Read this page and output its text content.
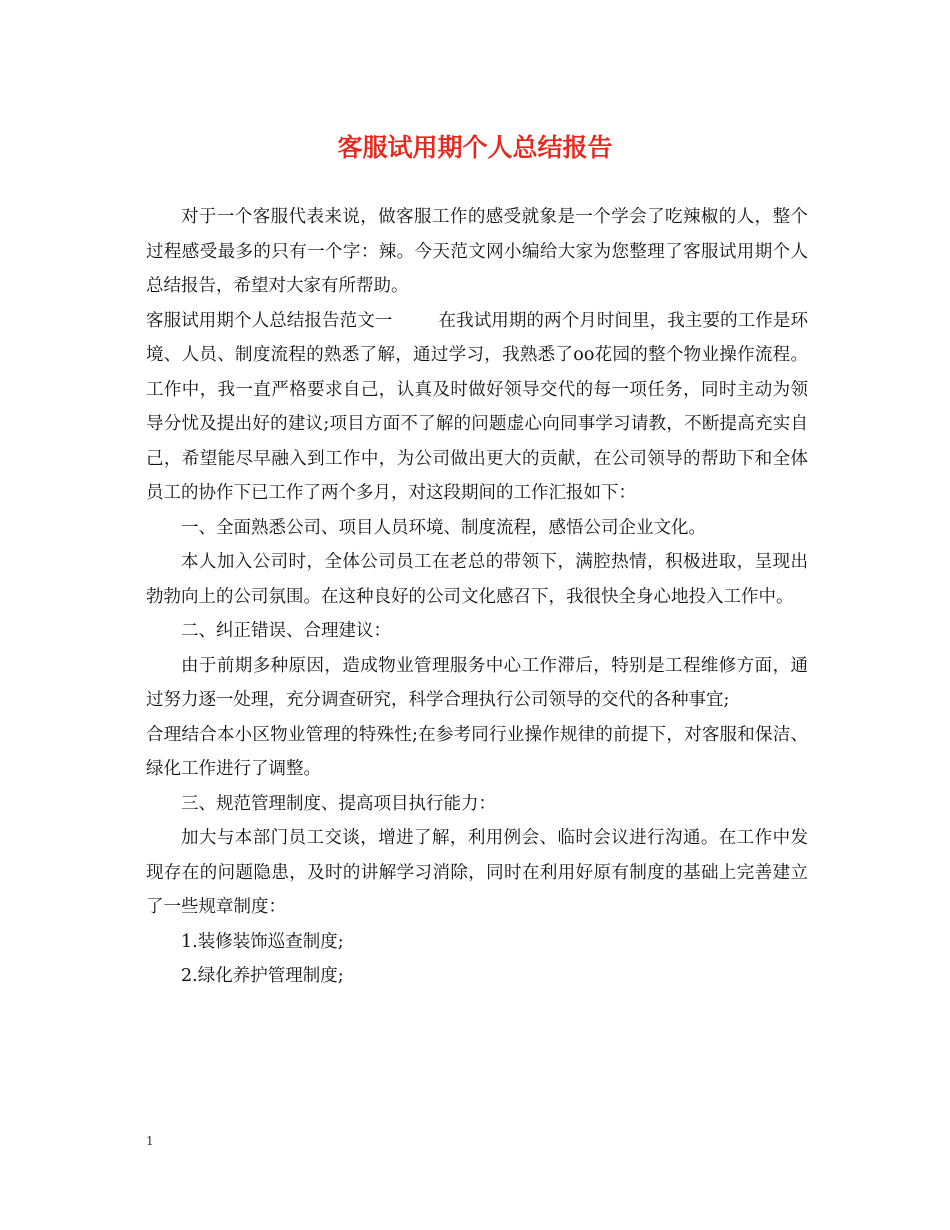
客服试用期个人总结报告

对于一个客服代表来说，做客服工作的感受就象是一个学会了吃辣椒的人，整个过程感受最多的只有一个字：辣。今天范文网小编给大家为您整理了客服试用期个人总结报告，希望对大家有所帮助。

客服试用期个人总结报告范文一	在我试用期的两个月时间里，我主要的工作是环境、人员、制度流程的熟悉了解，通过学习，我熟悉了oo花园的整个物业操作流程。工作中，我一直严格要求自己，认真及时做好领导交代的每一项任务，同时主动为领导分忧及提出好的建议;项目方面不了解的问题虚心向同事学习请教，不断提高充实自己，希望能尽早融入到工作中，为公司做出更大的贡献，在公司领导的帮助下和全体员工的协作下已工作了两个多月，对这段期间的工作汇报如下：

一、全面熟悉公司、项目人员环境、制度流程，感悟公司企业文化。

本人加入公司时，全体公司员工在老总的带领下，满腔热情，积极进取，呈现出勃勃向上的公司氛围。在这种良好的公司文化感召下，我很快全身心地投入工作中。

二、纠正错误、合理建议：

由于前期多种原因，造成物业管理服务中心工作滞后，特别是工程维修方面，通过努力逐一处理，充分调查研究，科学合理执行公司领导的交代的各种事宜;

合理结合本小区物业管理的特殊性;在参考同行业操作规律的前提下，对客服和保洁、绿化工作进行了调整。

三、规范管理制度、提高项目执行能力：

加大与本部门员工交谈，增进了解，利用例会、临时会议进行沟通。在工作中发现存在的问题隐患，及时的讲解学习消除，同时在利用好原有制度的基础上完善建立了一些规章制度：

1.装修装饰巡查制度;

2.绿化养护管理制度;

1
